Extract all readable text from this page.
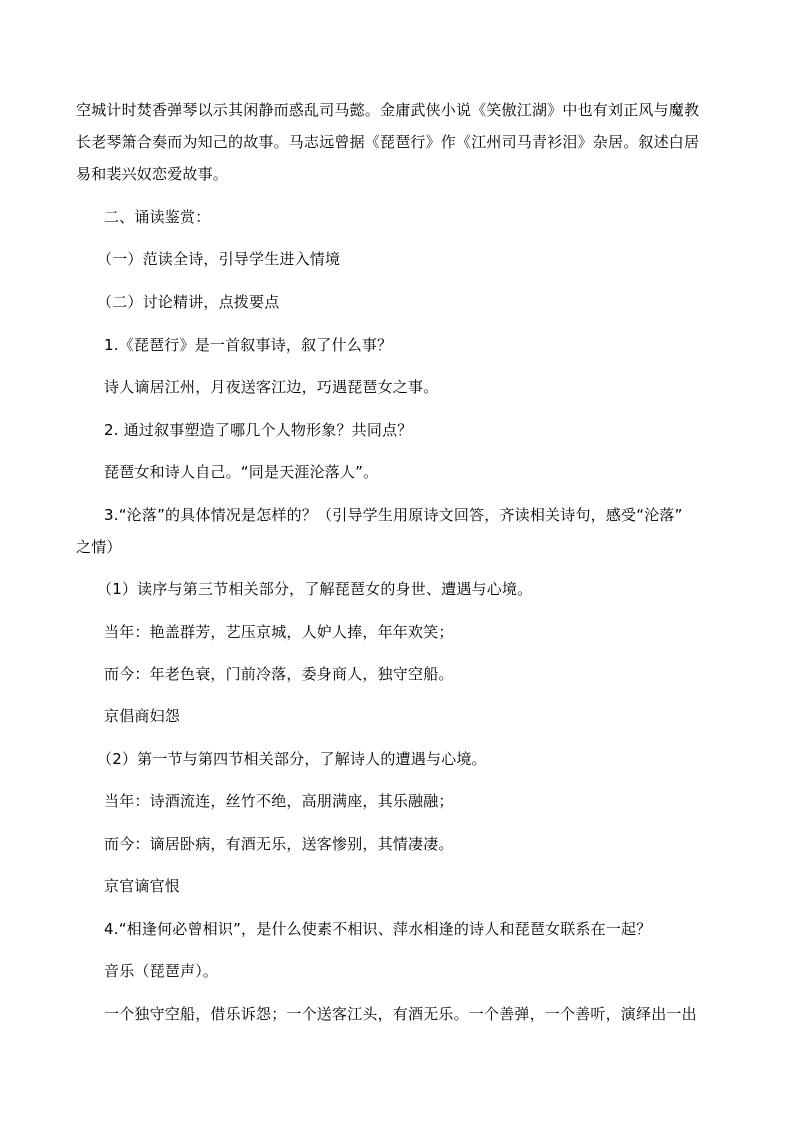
空城计时焚香弹琴以示其闲静而惑乱司马懿。金庸武侠小说《笑傲江湖》中也有刘正风与魔教
长老琴箫合奏而为知己的故事。马志远曾据《琵琶行》作《江州司马青衫泪》杂居。叙述白居
易和裴兴奴恋爱故事。
二、诵读鉴赏：
（一）范读全诗，引导学生进入情境
（二）讨论精讲，点拨要点
1.《琵琶行》是一首叙事诗，叙了什么事？
诗人谪居江州，月夜送客江边，巧遇琵琶女之事。
2. 通过叙事塑造了哪几个人物形象？共同点？
琵琶女和诗人自己。“同是天涯沦落人”。
3.“沦落”的具体情况是怎样的？（引导学生用原诗文回答，齐读相关诗句，感受“沦落”
之情）
（1）读序与第三节相关部分，了解琵琶女的身世、遭遇与心境。
当年：艳盖群芳，艺压京城，人妒人捧，年年欢笑；
而今：年老色衰，门前冷落，委身商人，独守空船。
京倡商妇怨
（2）第一节与第四节相关部分，了解诗人的遭遇与心境。
当年：诗酒流连，丝竹不绝，高朋满座，其乐融融；
而今：谪居卧病，有酒无乐，送客惨别，其情凄凄。
京官谪官恨
4.“相逢何必曾相识”，是什么使素不相识、萍水相逢的诗人和琵琶女联系在一起？
音乐（琵琶声）。
一个独守空船，借乐诉怨；一个送客江头，有酒无乐。一个善弹，一个善听，演绎出一出
